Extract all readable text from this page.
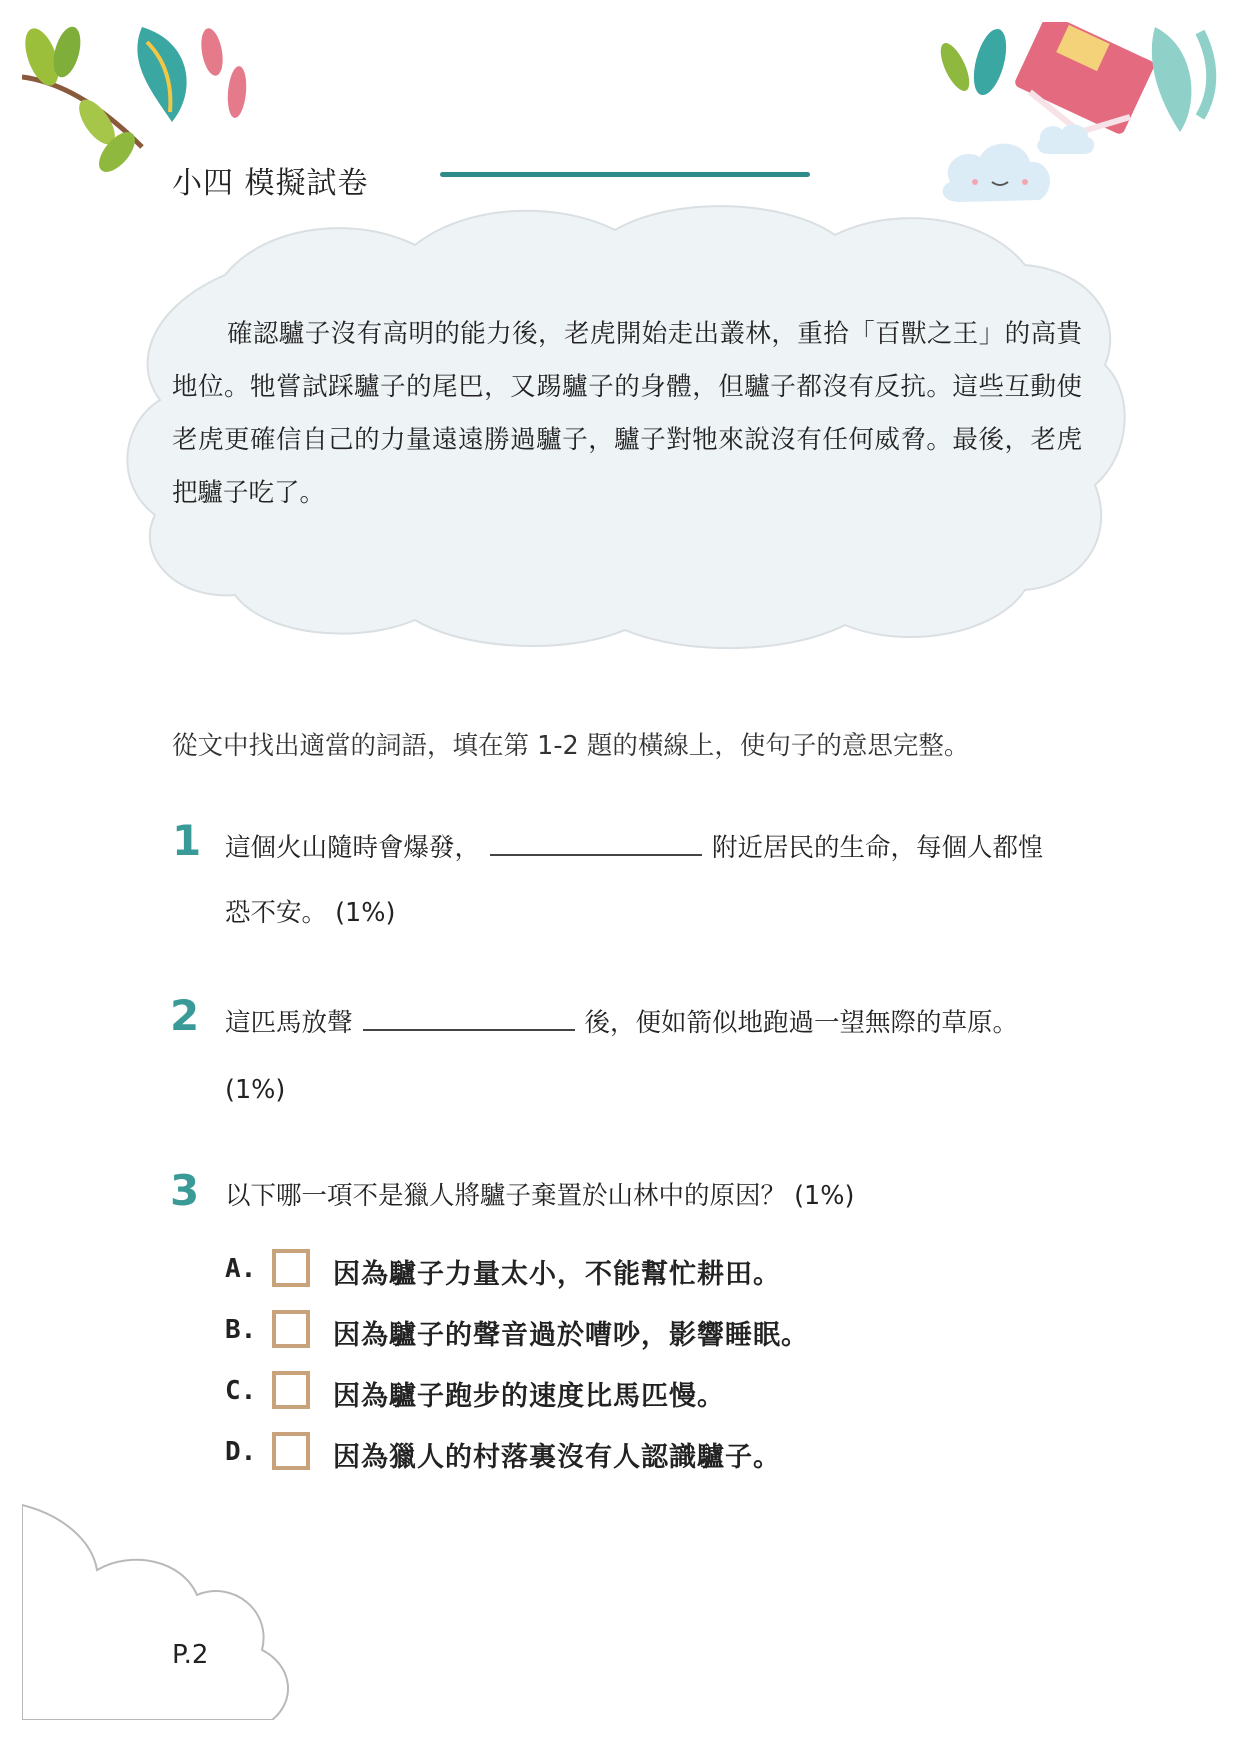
小四 模擬試卷

確認驢子沒有高明的能力後，老虎開始走出叢林，重拾「百獸之王」的高貴地位。牠嘗試踩驢子的尾巴，又踢驢子的身體，但驢子都沒有反抗。這些互動使老虎更確信自己的力量遠遠勝過驢子，驢子對牠來說沒有任何威脅。最後，老虎把驢子吃了。

從文中找出適當的詞語，填在第 1-2 題的橫線上，使句子的意思完整。
1 這個火山隨時會爆發，	附近居民的生命，每個人都惶
恐不安。 (1%)
2 這匹馬放聲	後，便如箭似地跑過一望無際的草原。
(1%)
3 以下哪一項不是獵人將驢子棄置於山林中的原因？ (1%)
A.	因為驢子力量太小，不能幫忙耕田。
B.	因為驢子的聲音過於嘈吵，影響睡眠。
C.	因為驢子跑步的速度比馬匹慢。
D.	因為獵人的村落裏沒有人認識驢子。
P.2
